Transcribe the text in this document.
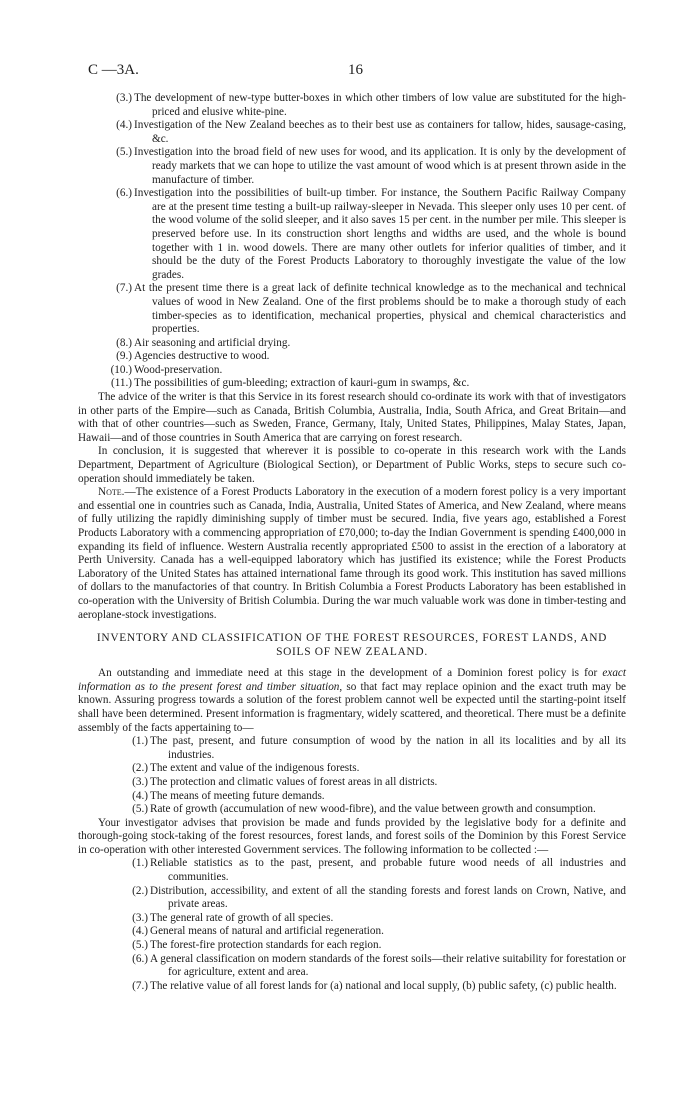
C —3A.	16
(3.) The development of new-type butter-boxes in which other timbers of low value are substituted for the high-priced and elusive white-pine.
(4.) Investigation of the New Zealand beeches as to their best use as containers for tallow, hides, sausage-casing, &c.
(5.) Investigation into the broad field of new uses for wood, and its application. It is only by the development of ready markets that we can hope to utilize the vast amount of wood which is at present thrown aside in the manufacture of timber.
(6.) Investigation into the possibilities of built-up timber. For instance, the Southern Pacific Railway Company are at the present time testing a built-up railway-sleeper in Nevada. This sleeper only uses 10 per cent. of the wood volume of the solid sleeper, and it also saves 15 per cent. in the number per mile. This sleeper is preserved before use. In its construction short lengths and widths are used, and the whole is bound together with 1 in. wood dowels. There are many other outlets for inferior qualities of timber, and it should be the duty of the Forest Products Laboratory to thoroughly investigate the value of the low grades.
(7.) At the present time there is a great lack of definite technical knowledge as to the mechanical and technical values of wood in New Zealand. One of the first problems should be to make a thorough study of each timber-species as to identification, mechanical properties, physical and chemical characteristics and properties.
(8.) Air seasoning and artificial drying.
(9.) Agencies destructive to wood.
(10.) Wood-preservation.
(11.) The possibilities of gum-bleeding; extraction of kauri-gum in swamps, &c.

The advice of the writer is that this Service in its forest research should co-ordinate its work with that of investigators in other parts of the Empire—such as Canada, British Columbia, Australia, India, South Africa, and Great Britain—and with that of other countries—such as Sweden, France, Germany, Italy, United States, Philippines, Malay States, Japan, Hawaii—and of those countries in South America that are carrying on forest research.

In conclusion, it is suggested that wherever it is possible to co-operate in this research work with the Lands Department, Department of Agriculture (Biological Section), or Department of Public Works, steps to secure such co-operation should immediately be taken.

Note.—The existence of a Forest Products Laboratory in the execution of a modern forest policy is a very important and essential one in countries such as Canada, India, Australia, United States of America, and New Zealand, where means of fully utilizing the rapidly diminishing supply of timber must be secured. India, five years ago, established a Forest Products Laboratory with a commencing appropriation of £70,000; to-day the Indian Government is spending £400,000 in expanding its field of influence. Western Australia recently appropriated £500 to assist in the erection of a laboratory at Perth University. Canada has a well-equipped laboratory which has justified its existence; while the Forest Products Laboratory of the United States has attained international fame through its good work. This institution has saved millions of dollars to the manufactories of that country. In British Columbia a Forest Products Laboratory has been established in co-operation with the University of British Columbia. During the war much valuable work was done in timber-testing and aeroplane-stock investigations.

INVENTORY AND CLASSIFICATION OF THE FOREST RESOURCES, FOREST LANDS, AND SOILS OF NEW ZEALAND.

An outstanding and immediate need at this stage in the development of a Dominion forest policy is for exact information as to the present forest and timber situation, so that fact may replace opinion and the exact truth may be known. Assuring progress towards a solution of the forest problem cannot well be expected until the starting-point itself shall have been determined. Present information is fragmentary, widely scattered, and theoretical. There must be a definite assembly of the facts appertaining to—

(1.) The past, present, and future consumption of wood by the nation in all its localities and by all its industries.
(2.) The extent and value of the indigenous forests.
(3.) The protection and climatic values of forest areas in all districts.
(4.) The means of meeting future demands.
(5.) Rate of growth (accumulation of new wood-fibre), and the value between growth and consumption.

Your investigator advises that provision be made and funds provided by the legislative body for a definite and thorough-going stock-taking of the forest resources, forest lands, and forest soils of the Dominion by this Forest Service in co-operation with other interested Government services. The following information to be collected :—

(1.) Reliable statistics as to the past, present, and probable future wood needs of all industries and communities.
(2.) Distribution, accessibility, and extent of all the standing forests and forest lands on Crown, Native, and private areas.
(3.) The general rate of growth of all species.
(4.) General means of natural and artificial regeneration.
(5.) The forest-fire protection standards for each region.
(6.) A general classification on modern standards of the forest soils—their relative suitability for forestation or for agriculture, extent and area.
(7.) The relative value of all forest lands for (a) national and local supply, (b) public safety, (c) public health.
